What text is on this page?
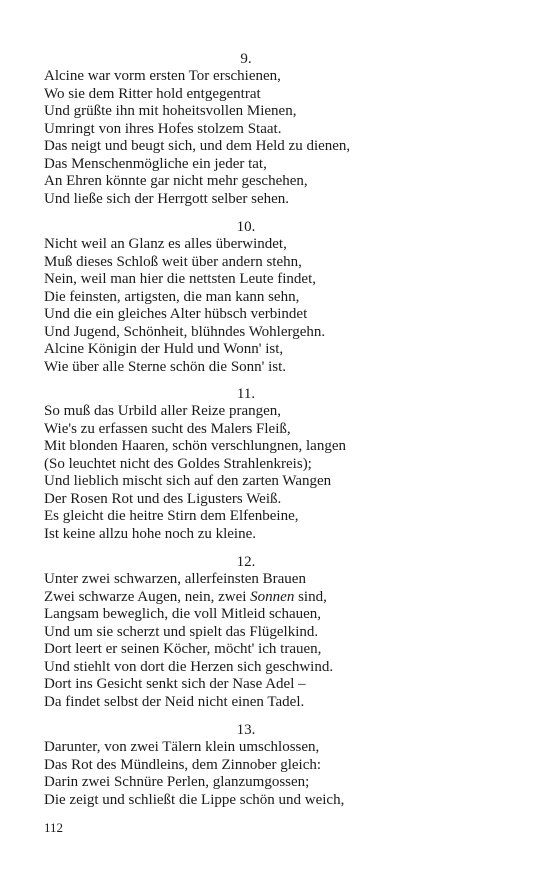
9.
Alcine war vorm ersten Tor erschienen,
Wo sie dem Ritter hold entgegentrat
Und grüßte ihn mit hoheitsvollen Mienen,
Umringt von ihres Hofes stolzem Staat.
Das neigt und beugt sich, und dem Held zu dienen,
Das Menschenmögliche ein jeder tat,
An Ehren könnte gar nicht mehr geschehen,
Und ließe sich der Herrgott selber sehen.
10.
Nicht weil an Glanz es alles überwindet,
Muß dieses Schloß weit über andern stehn,
Nein, weil man hier die nettsten Leute findet,
Die feinsten, artigsten, die man kann sehn,
Und die ein gleiches Alter hübsch verbindet
Und Jugend, Schönheit, blühndes Wohlergehn.
Alcine Königin der Huld und Wonn' ist,
Wie über alle Sterne schön die Sonn' ist.
11.
So muß das Urbild aller Reize prangen,
Wie's zu erfassen sucht des Malers Fleiß,
Mit blonden Haaren, schön verschlungnen, langen
(So leuchtet nicht des Goldes Strahlenkreis);
Und lieblich mischt sich auf den zarten Wangen
Der Rosen Rot und des Ligusters Weiß.
Es gleicht die heitre Stirn dem Elfenbeine,
Ist keine allzu hohe noch zu kleine.
12.
Unter zwei schwarzen, allerfeinsten Brauen
Zwei schwarze Augen, nein, zwei Sonnen sind,
Langsam beweglich, die voll Mitleid schauen,
Und um sie scherzt und spielt das Flügelkind.
Dort leert er seinen Köcher, möcht' ich trauen,
Und stiehlt von dort die Herzen sich geschwind.
Dort ins Gesicht senkt sich der Nase Adel –
Da findet selbst der Neid nicht einen Tadel.
13.
Darunter, von zwei Tälern klein umschlossen,
Das Rot des Mündleins, dem Zinnober gleich:
Darin zwei Schnüre Perlen, glanzumgossen;
Die zeigt und schließt die Lippe schön und weich,
112
